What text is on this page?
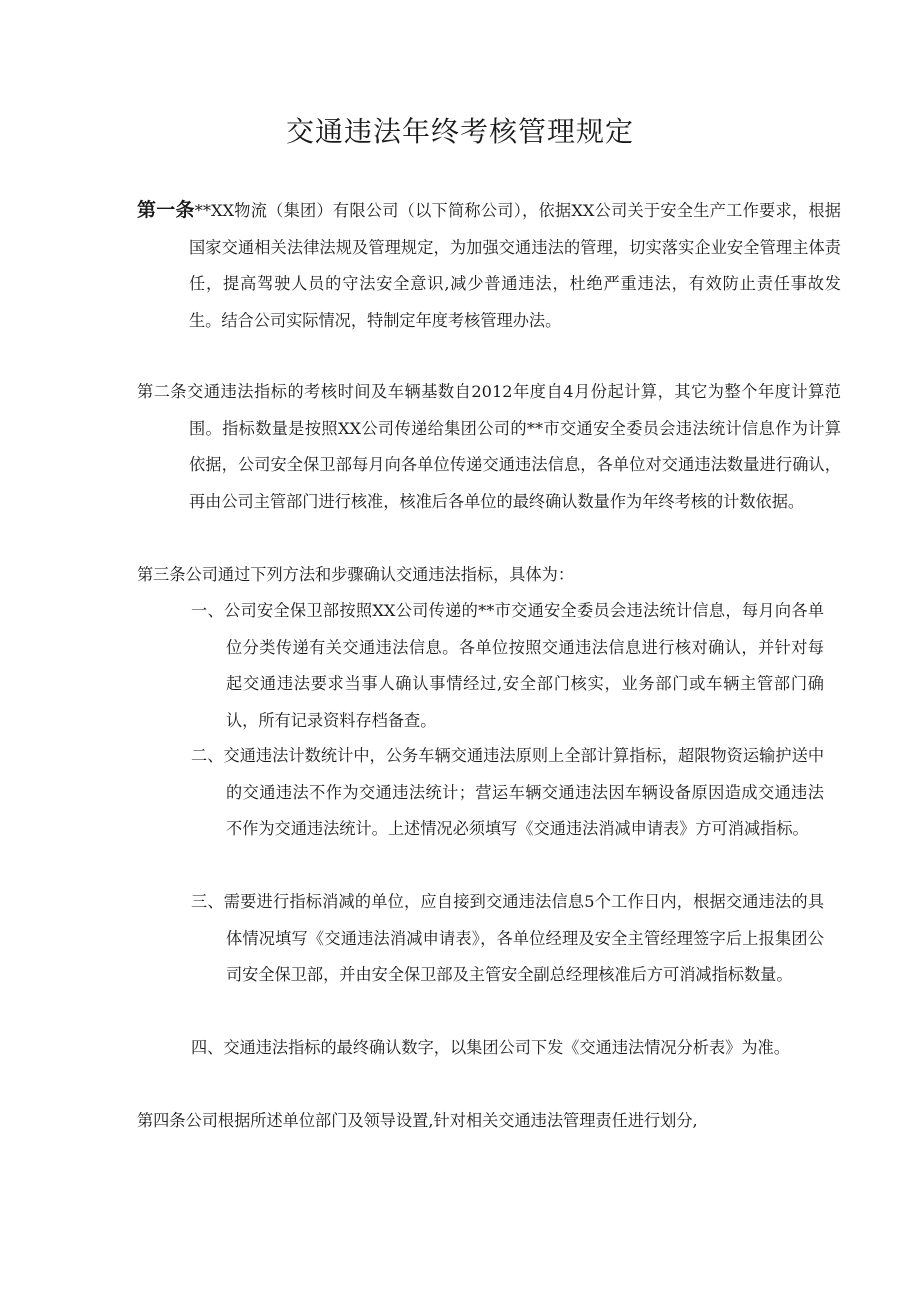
交通违法年终考核管理规定
第一条**XX物流（集团）有限公司（以下简称公司），依据XX公司关于安全生产工作要求，根据国家交通相关法律法规及管理规定，为加强交通违法的管理，切实落实企业安全管理主体责任，提高驾驶人员的守法安全意识,减少普通违法，杜绝严重违法，有效防止责任事故发生。结合公司实际情况，特制定年度考核管理办法。
第二条交通违法指标的考核时间及车辆基数自2012年度自4月份起计算，其它为整个年度计算范围。指标数量是按照XX公司传递给集团公司的**市交通安全委员会违法统计信息作为计算依据，公司安全保卫部每月向各单位传递交通违法信息，各单位对交通违法数量进行确认，再由公司主管部门进行核准，核准后各单位的最终确认数量作为年终考核的计数依据。
第三条公司通过下列方法和步骤确认交通违法指标，具体为：
一、公司安全保卫部按照XX公司传递的**市交通安全委员会违法统计信息，每月向各单位分类传递有关交通违法信息。各单位按照交通违法信息进行核对确认，并针对每起交通违法要求当事人确认事情经过,安全部门核实，业务部门或车辆主管部门确认，所有记录资料存档备查。
二、交通违法计数统计中，公务车辆交通违法原则上全部计算指标，超限物资运输护送中的交通违法不作为交通违法统计；营运车辆交通违法因车辆设备原因造成交通违法不作为交通违法统计。上述情况必须填写《交通违法消减申请表》方可消减指标。
三、需要进行指标消减的单位，应自接到交通违法信息5个工作日内，根据交通违法的具体情况填写《交通违法消减申请表》，各单位经理及安全主管经理签字后上报集团公司安全保卫部，并由安全保卫部及主管安全副总经理核准后方可消减指标数量。
四、交通违法指标的最终确认数字，以集团公司下发《交通违法情况分析表》为准。
第四条公司根据所述单位部门及领导设置,针对相关交通违法管理责任进行划分,
